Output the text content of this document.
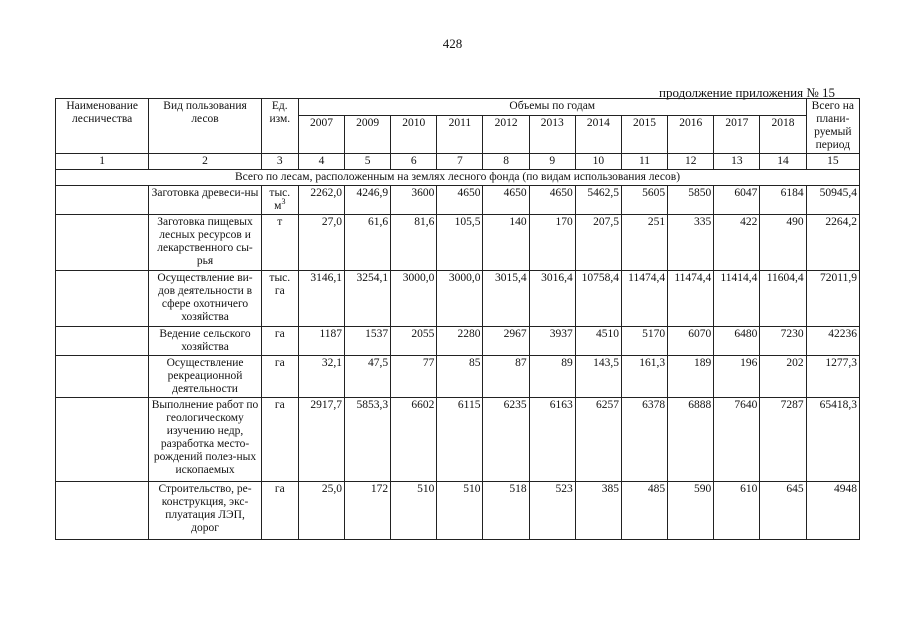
428
продолжение приложения № 15
Наименование лесничества	Вид пользования лесов	Ед. изм.	Объемы по годам											Всего на плани-руемый период
			2007	2009	2010	2011	2012	2013	2014	2015	2016	2017	2018	
1	2	3	4	5	6	7	8	9	10	11	12	13	14	15
Всего по лесам, расположенным на землях лесного фонда (по видам использования лесов)														
	Заготовка древеси-ны	тыс. $м^3$	2262,0	4246,9	3600	4650	4650	4650	5462,5	5605	5850	6047	6184	50945,4
	Заготовка пищевых лесных ресурсов и лекарственного сы-рья	т	27,0	61,6	81,6	105,5	140	170	207,5	251	335	422	490	2264,2
	Осуществление ви-дов деятельности в сфере охотничего хозяйства	тыс. га	3146,1	3254,1	3000,0	3000,0	3015,4	3016,4	10758,4	11474,4	11474,4	11414,4	11604,4	72011,9
	Ведение сельского хозяйства	га	1187	1537	2055	2280	2967	3937	4510	5170	6070	6480	7230	42236
	Осуществление рекреационной деятельности	га	32,1	47,5	77	85	87	89	143,5	161,3	189	196	202	1277,3
	Выполнение работ по геологическому изучению недр, разработка место-рождений полез-ных ископаемых	га	2917,7	5853,3	6602	6115	6235	6163	6257	6378	6888	7640	7287	65418,3
	Строительство, ре-конструкция, экс-плуатация ЛЭП, дорог	га	25,0	172	510	510	518	523	385	485	590	610	645	4948
